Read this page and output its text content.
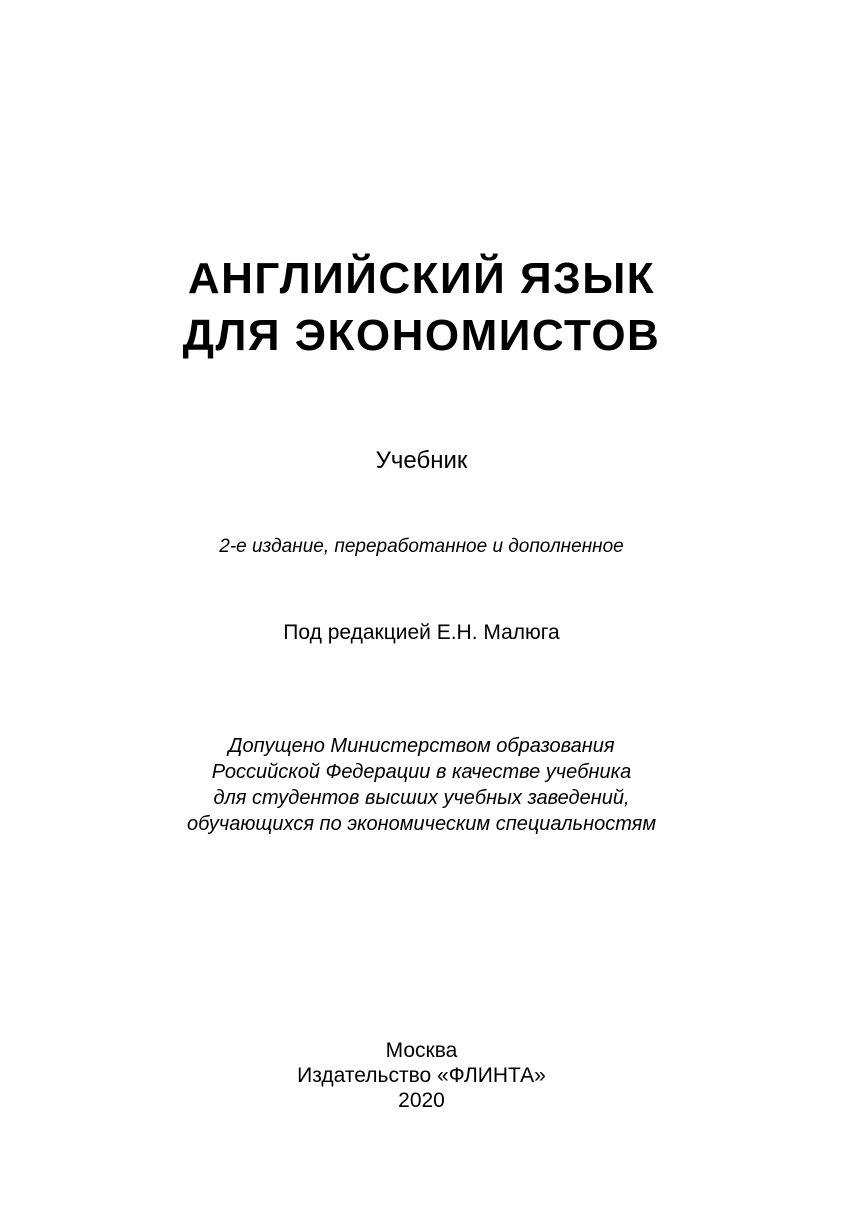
АНГЛИЙСКИЙ ЯЗЫК
ДЛЯ ЭКОНОМИСТОВ
Учебник
2-е издание, переработанное и дополненное
Под редакцией Е.Н. Малюга
Допущено Министерством образования
Российской Федерации в качестве учебника
для студентов высших учебных заведений,
обучающихся по экономическим специальностям
Москва
Издательство «ФЛИНТА»
2020
